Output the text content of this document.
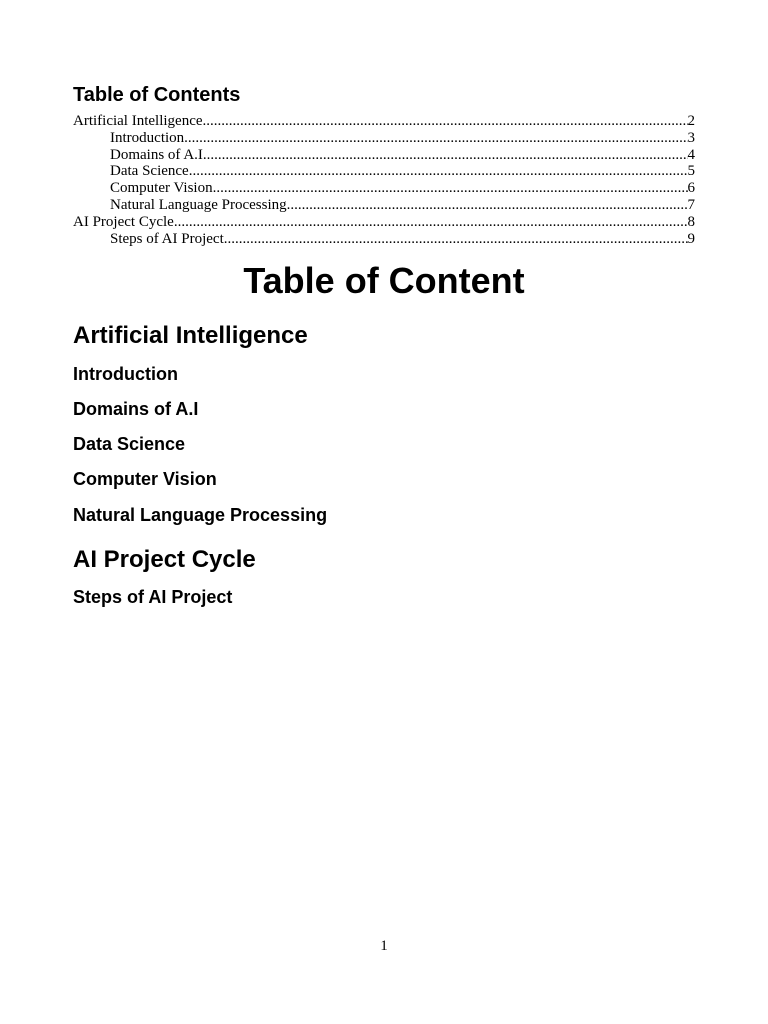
Table of Contents
Artificial Intelligence .....	2
Introduction .....	3
Domains of A.I .....	4
Data Science .....	5
Computer Vision .....	6
Natural Language Processing .....	7
AI Project Cycle .....	8
Steps of AI Project .....	9
Table of Content
Artificial Intelligence
Introduction
Domains of A.I
Data Science
Computer Vision
Natural Language Processing
AI Project Cycle
Steps of AI Project
1
